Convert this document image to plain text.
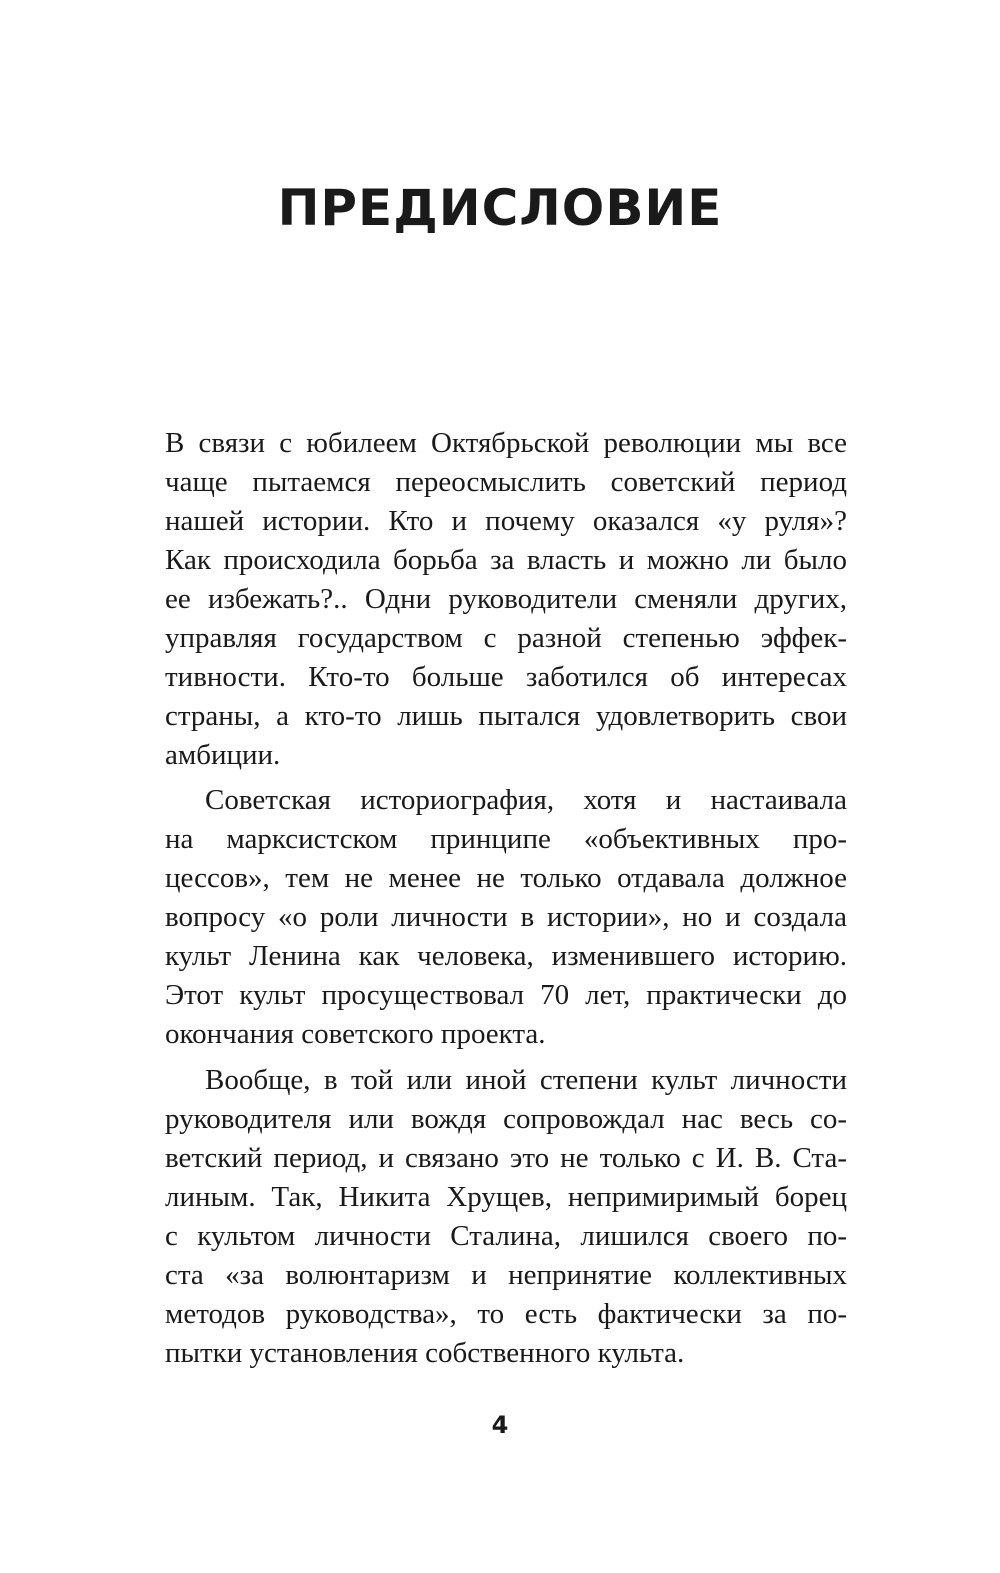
ПРЕДИСЛОВИЕ
В связи с юбилеем Октябрьской революции мы все
чаще пытаемся переосмыслить советский период
нашей истории. Кто и почему оказался «у руля»?
Как происходила борьба за власть и можно ли было
ее избежать?.. Одни руководители сменяли других,
управляя государством с разной степенью эффек-
тивности. Кто-то больше заботился об интересах
страны, а кто-то лишь пытался удовлетворить свои
амбиции.
Советская историография, хотя и настаивала
на марксистском принципе «объективных про-
цессов», тем не менее не только отдавала должное
вопросу «о роли личности в истории», но и создала
культ Ленина как человека, изменившего историю.
Этот культ просуществовал 70 лет, практически до
окончания советского проекта.
Вообще, в той или иной степени культ личности
руководителя или вождя сопровождал нас весь со-
ветский период, и связано это не только с И. В. Ста-
линым. Так, Никита Хрущев, непримиримый борец
с культом личности Сталина, лишился своего по-
ста «за волюнтаризм и непринятие коллективных
методов руководства», то есть фактически за по-
пытки установления собственного культа.
4
